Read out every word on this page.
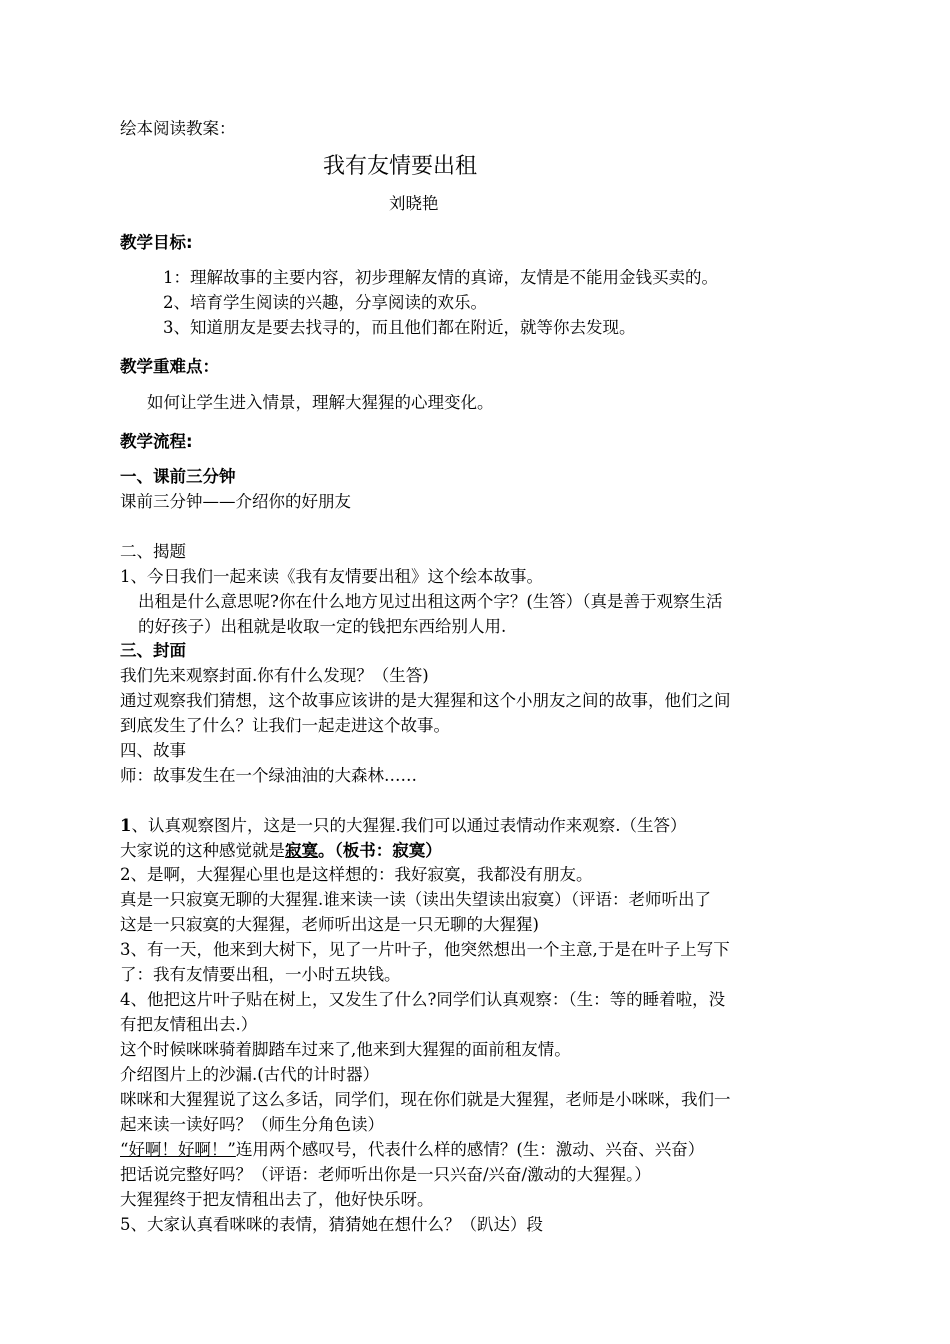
绘本阅读教案：
我有友情要出租
刘晓艳
教学目标:
1：理解故事的主要内容，初步理解友情的真谛，友情是不能用金钱买卖的。
2、培育学生阅读的兴趣，分享阅读的欢乐。
3、知道朋友是要去找寻的，而且他们都在附近，就等你去发现。
教学重难点：
如何让学生进入情景，理解大猩猩的心理变化。
教学流程:
一、课前三分钟
课前三分钟——介绍你的好朋友
二、揭题
1、今日我们一起来读《我有友情要出租》这个绘本故事。
出租是什么意思呢?你在什么地方见过出租这两个字？(生答）（真是善于观察生活
的好孩子）出租就是收取一定的钱把东西给别人用.
三、封面
我们先来观察封面.你有什么发现？（生答)
通过观察我们猜想，这个故事应该讲的是大猩猩和这个小朋友之间的故事，他们之间
到底发生了什么？让我们一起走进这个故事。
四、故事
师：故事发生在一个绿油油的大森林……
1、认真观察图片，这是一只的大猩猩.我们可以通过表情动作来观察.（生答）
大家说的这种感觉就是寂寞。（板书：寂寞）
2、是啊，大猩猩心里也是这样想的：我好寂寞，我都没有朋友。
真是一只寂寞无聊的大猩猩.谁来读一读（读出失望读出寂寞）（评语：老师听出了
这是一只寂寞的大猩猩，老师听出这是一只无聊的大猩猩)
3、有一天，他来到大树下，见了一片叶子，他突然想出一个主意,于是在叶子上写下
了：我有友情要出租，一小时五块钱。
4、他把这片叶子贴在树上，又发生了什么?同学们认真观察：（生：等的睡着啦，没
有把友情租出去.）
这个时候咪咪骑着脚踏车过来了,他来到大猩猩的面前租友情。
介绍图片上的沙漏.(古代的计时器）
咪咪和大猩猩说了这么多话，同学们，现在你们就是大猩猩，老师是小咪咪，我们一
起来读一读好吗？（师生分角色读）
“好啊！好啊！”连用两个感叹号，代表什么样的感情？(生：激动、兴奋、兴奋）
把话说完整好吗？（评语：老师听出你是一只兴奋/兴奋/激动的大猩猩。）
大猩猩终于把友情租出去了，他好快乐呀。
5、大家认真看咪咪的表情，猜猜她在想什么？（趴达）段
